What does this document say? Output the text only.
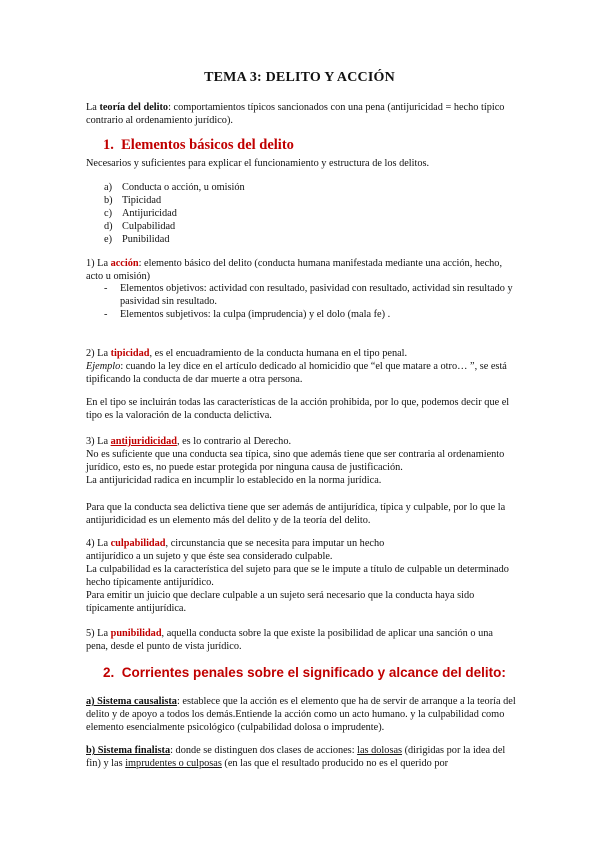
TEMA 3: DELITO Y ACCIÓN

La teoría del delito: comportamientos típicos sancionados con una pena (antijuricidad = hecho típico contrario al ordenamiento jurídico).

1. Elementos básicos del delito

Necesarios y suficientes para explicar el funcionamiento y estructura de los delitos.

a) Conducta o acción, u omisión
b) Tipicidad
c) Antijuricidad
d) Culpabilidad
e) Punibilidad

1) La acción: elemento básico del delito (conducta humana manifestada mediante una acción, hecho, acto u omisión)

-	Elementos objetivos: actividad con resultado, pasividad con resultado, actividad sin resultado y pasividad sin resultado.
-	Elementos subjetivos: la culpa (imprudencia) y el dolo (mala fe) .

2) La tipicidad, es el encuadramiento de la conducta humana en el tipo penal.
Ejemplo: cuando la ley dice en el artículo dedicado al homicidio que “el que matare a otro… ”, se está tipificando la conducta de dar muerte a otra persona.

En el tipo se incluirán todas las características de la acción prohibida, por lo que, podemos decir que el tipo es la valoración de la conducta delictiva.

3) La antijuridicidad, es lo contrario al Derecho.
No es suficiente que una conducta sea típica, sino que además tiene que ser contraria al ordenamiento jurídico, esto es, no puede estar protegida por ninguna causa de justificación.
La antijuricidad radica en incumplir lo establecido en la norma jurídica.

Para que la conducta sea delictiva tiene que ser además de antijurídica, típica y culpable, por lo que la antijuridicidad es un elemento más del delito y de la teoría del delito.

4) La culpabilidad, circunstancia que se necesita para imputar un hecho
antijurídico a un sujeto y que éste sea considerado culpable.
La culpabilidad es la característica del sujeto para que se le impute a título de culpable un determinado hecho típicamente antijurídico.
Para emitir un juicio que declare culpable a un sujeto será necesario que la conducta haya sido típicamente antijurídica.

5) La punibilidad, aquella conducta sobre la que existe la posibilidad de aplicar una sanción o una pena, desde el punto de vista jurídico.

2. Corrientes penales sobre el significado y alcance del delito:

a) Sistema causalista: establece que la acción es el elemento que ha de servir de arranque a la teoría del delito y de apoyo a todos los demás.Entiende la acción como un acto humano. y la culpabilidad como elemento esencialmente psicológico (culpabilidad dolosa o imprudente).

b) Sistema finalista: donde se distinguen dos clases de acciones: las dolosas (dirigidas por la idea del fin) y las imprudentes o culposas (en las que el resultado producido no es el querido por
